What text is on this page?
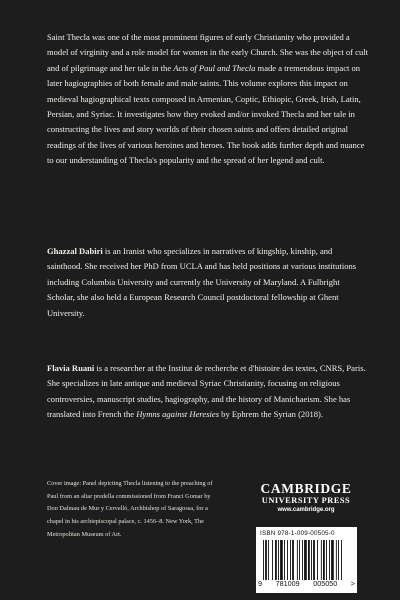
Saint Thecla was one of the most prominent figures of early Christianity who provided a model of virginity and a role model for women in the early Church. She was the object of cult and of pilgrimage and her tale in the Acts of Paul and Thecla made a tremendous impact on later hagiographies of both female and male saints. This volume explores this impact on medieval hagiographical texts composed in Armenian, Coptic, Ethiopic, Greek, Irish, Latin, Persian, and Syriac. It investigates how they evoked and/or invoked Thecla and her tale in constructing the lives and story worlds of their chosen saints and offers detailed original readings of the lives of various heroines and heroes. The book adds further depth and nuance to our understanding of Thecla's popularity and the spread of her legend and cult.

Ghazzal Dabiri is an Iranist who specializes in narratives of kingship, kinship, and sainthood. She received her PhD from UCLA and has held positions at various institutions including Columbia University and currently the University of Maryland. A Fulbright Scholar, she also held a European Research Council postdoctoral fellowship at Ghent University.

Flavia Ruani is a researcher at the Institut de recherche et d'histoire des textes, CNRS, Paris. She specializes in late antique and medieval Syriac Christianity, focusing on religious controversies, manuscript studies, hagiography, and the history of Manichaeism. She has translated into French the Hymns against Heresies by Ephrem the Syrian (2018).

Cover image: Panel depicting Thecla listening to the preaching of Paul from an altar predella commissioned from Franci Gomar by Don Dalmau de Mur y Cervelló, Archbishop of Saragossa, for a chapel in his archiepiscopal palace, c. 1456–8. New York, The Metropolitan Museum of Art.

CAMBRIDGE
UNIVERSITY PRESS
www.cambridge.org
ISBN 978-1-009-00505-0
9 781009 005050 >
